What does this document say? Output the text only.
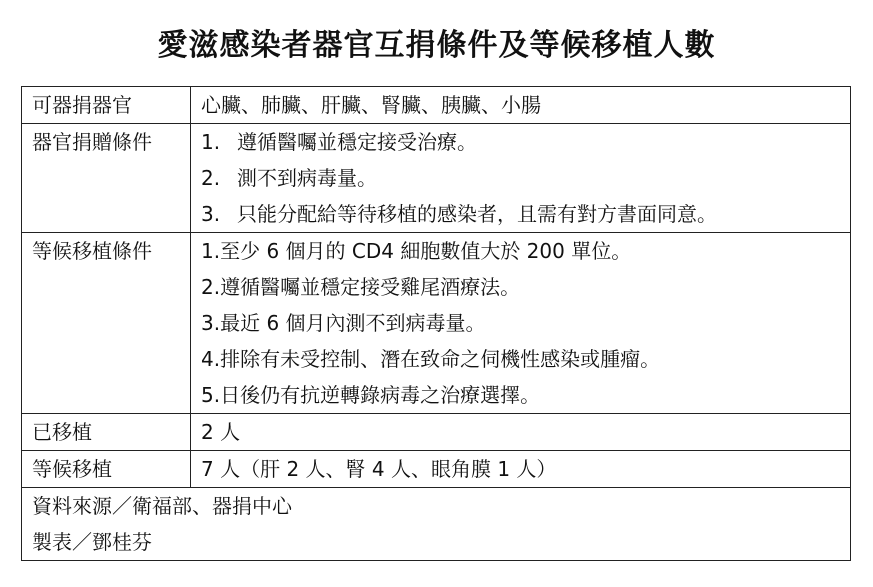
愛滋感染者器官互捐條件及等候移植人數
可器捐器官	心臟、肺臟、肝臟、腎臟、胰臟、小腸

器官捐贈條件	1. 遵循醫囑並穩定接受治療。
2. 測不到病毒量。
3. 只能分配給等待移植的感染者，且需有對方書面同意。

等候移植條件	1.至少 6 個月的 CD4 細胞數值大於 200 單位。
2.遵循醫囑並穩定接受雞尾酒療法。
3.最近 6 個月內測不到病毒量。
4.排除有未受控制、潛在致命之伺機性感染或腫瘤。
5.日後仍有抗逆轉錄病毒之治療選擇。

已移植	2 人

等候移植	7 人（肝 2 人、腎 4 人、眼角膜 1 人）

資料來源／衛福部、器捐中心
製表／鄧桂芬	
